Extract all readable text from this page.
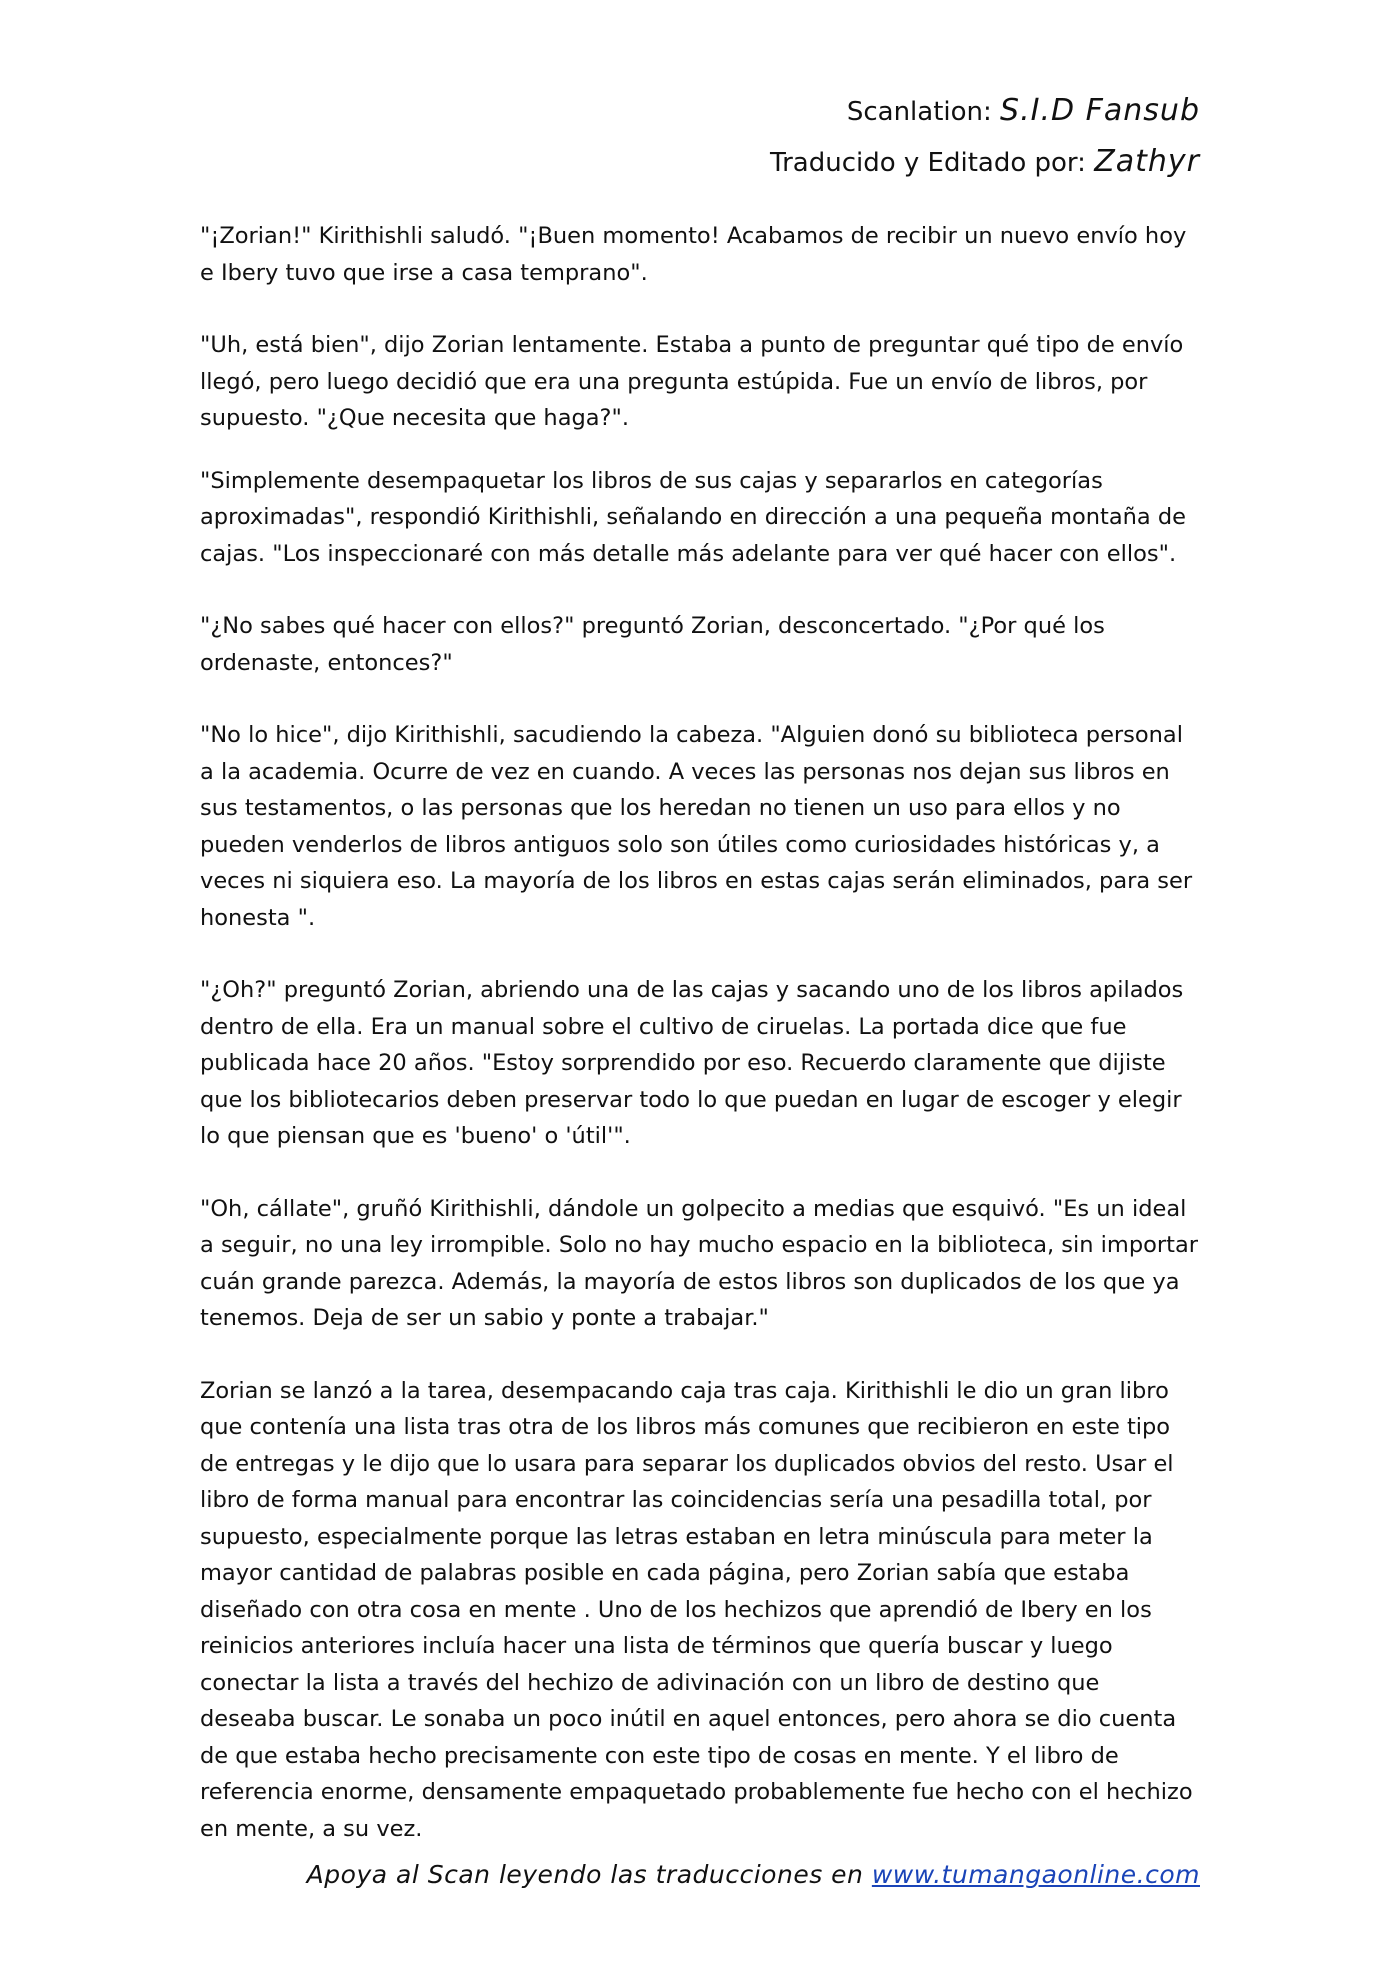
Scanlation: S.I.D Fansub
Traducido y Editado por: Zathyr

"¡Zorian!" Kirithishli saludó. "¡Buen momento! Acabamos de recibir un nuevo envío hoy e Ibery tuvo que irse a casa temprano".

"Uh, está bien", dijo Zorian lentamente. Estaba a punto de preguntar qué tipo de envío llegó, pero luego decidió que era una pregunta estúpida. Fue un envío de libros, por supuesto. "¿Que necesita que haga?".

"Simplemente desempaquetar los libros de sus cajas y separarlos en categorías aproximadas", respondió Kirithishli, señalando en dirección a una pequeña montaña de cajas. "Los inspeccionaré con más detalle más adelante para ver qué hacer con ellos".

"¿No sabes qué hacer con ellos?" preguntó Zorian, desconcertado. "¿Por qué los ordenaste, entonces?"

"No lo hice", dijo Kirithishli, sacudiendo la cabeza. "Alguien donó su biblioteca personal a la academia. Ocurre de vez en cuando. A veces las personas nos dejan sus libros en sus testamentos, o las personas que los heredan no tienen un uso para ellos y no pueden venderlos de libros antiguos solo son útiles como curiosidades históricas y, a veces ni siquiera eso. La mayoría de los libros en estas cajas serán eliminados, para ser honesta ".

"¿Oh?" preguntó Zorian, abriendo una de las cajas y sacando uno de los libros apilados dentro de ella. Era un manual sobre el cultivo de ciruelas. La portada dice que fue publicada hace 20 años. "Estoy sorprendido por eso. Recuerdo claramente que dijiste que los bibliotecarios deben preservar todo lo que puedan en lugar de escoger y elegir lo que piensan que es 'bueno' o 'útil'".

"Oh, cállate", gruñó Kirithishli, dándole un golpecito a medias que esquivó. "Es un ideal a seguir, no una ley irrompible. Solo no hay mucho espacio en la biblioteca, sin importar cuán grande parezca. Además, la mayoría de estos libros son duplicados de los que ya tenemos. Deja de ser un sabio y ponte a trabajar."

Zorian se lanzó a la tarea, desempacando caja tras caja. Kirithishli le dio un gran libro que contenía una lista tras otra de los libros más comunes que recibieron en este tipo de entregas y le dijo que lo usara para separar los duplicados obvios del resto. Usar el libro de forma manual para encontrar las coincidencias sería una pesadilla total, por supuesto, especialmente porque las letras estaban en letra minúscula para meter la mayor cantidad de palabras posible en cada página, pero Zorian sabía que estaba diseñado con otra cosa en mente . Uno de los hechizos que aprendió de Ibery en los reinicios anteriores incluía hacer una lista de términos que quería buscar y luego conectar la lista a través del hechizo de adivinación con un libro de destino que deseaba buscar. Le sonaba un poco inútil en aquel entonces, pero ahora se dio cuenta de que estaba hecho precisamente con este tipo de cosas en mente. Y el libro de referencia enorme, densamente empaquetado probablemente fue hecho con el hechizo en mente, a su vez.

Apoya al Scan leyendo las traducciones en www.tumangaonline.com
